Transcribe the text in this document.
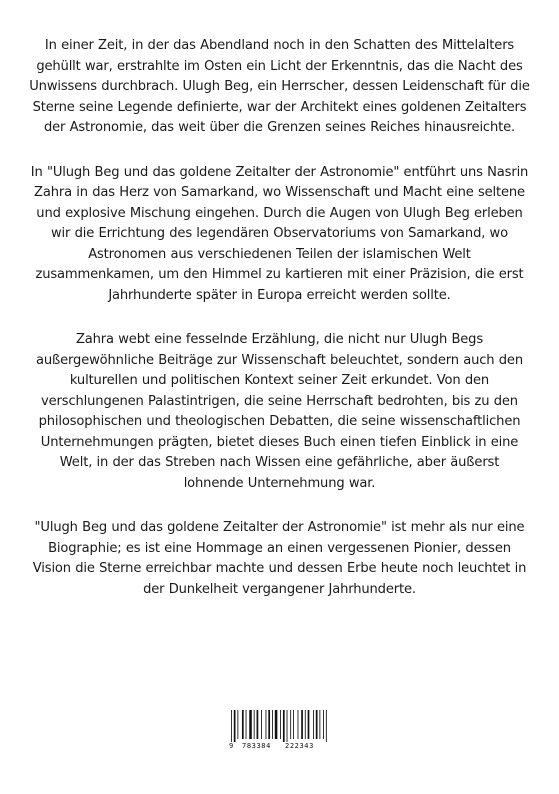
In einer Zeit, in der das Abendland noch in den Schatten des Mittelalters gehüllt war, erstrahlte im Osten ein Licht der Erkenntnis, das die Nacht des Unwissens durchbrach. Ulugh Beg, ein Herrscher, dessen Leidenschaft für die Sterne seine Legende definierte, war der Architekt eines goldenen Zeitalters der Astronomie, das weit über die Grenzen seines Reiches hinausreichte.

In "Ulugh Beg und das goldene Zeitalter der Astronomie" entführt uns Nasrin Zahra in das Herz von Samarkand, wo Wissenschaft und Macht eine seltene und explosive Mischung eingehen. Durch die Augen von Ulugh Beg erleben wir die Errichtung des legendären Observatoriums von Samarkand, wo Astronomen aus verschiedenen Teilen der islamischen Welt zusammenkamen, um den Himmel zu kartieren mit einer Präzision, die erst Jahrhunderte später in Europa erreicht werden sollte.

Zahra webt eine fesselnde Erzählung, die nicht nur Ulugh Begs außergewöhnliche Beiträge zur Wissenschaft beleuchtet, sondern auch den kulturellen und politischen Kontext seiner Zeit erkundet. Von den verschlungenen Palastintrigen, die seine Herrschaft bedrohten, bis zu den philosophischen und theologischen Debatten, die seine wissenschaftlichen Unternehmungen prägten, bietet dieses Buch einen tiefen Einblick in eine Welt, in der das Streben nach Wissen eine gefährliche, aber äußerst lohnende Unternehmung war.

"Ulugh Beg und das goldene Zeitalter der Astronomie" ist mehr als nur eine Biographie; es ist eine Hommage an einen vergessenen Pionier, dessen Vision die Sterne erreichbar machte und dessen Erbe heute noch leuchtet in der Dunkelheit vergangener Jahrhunderte.

9 783384 222343
